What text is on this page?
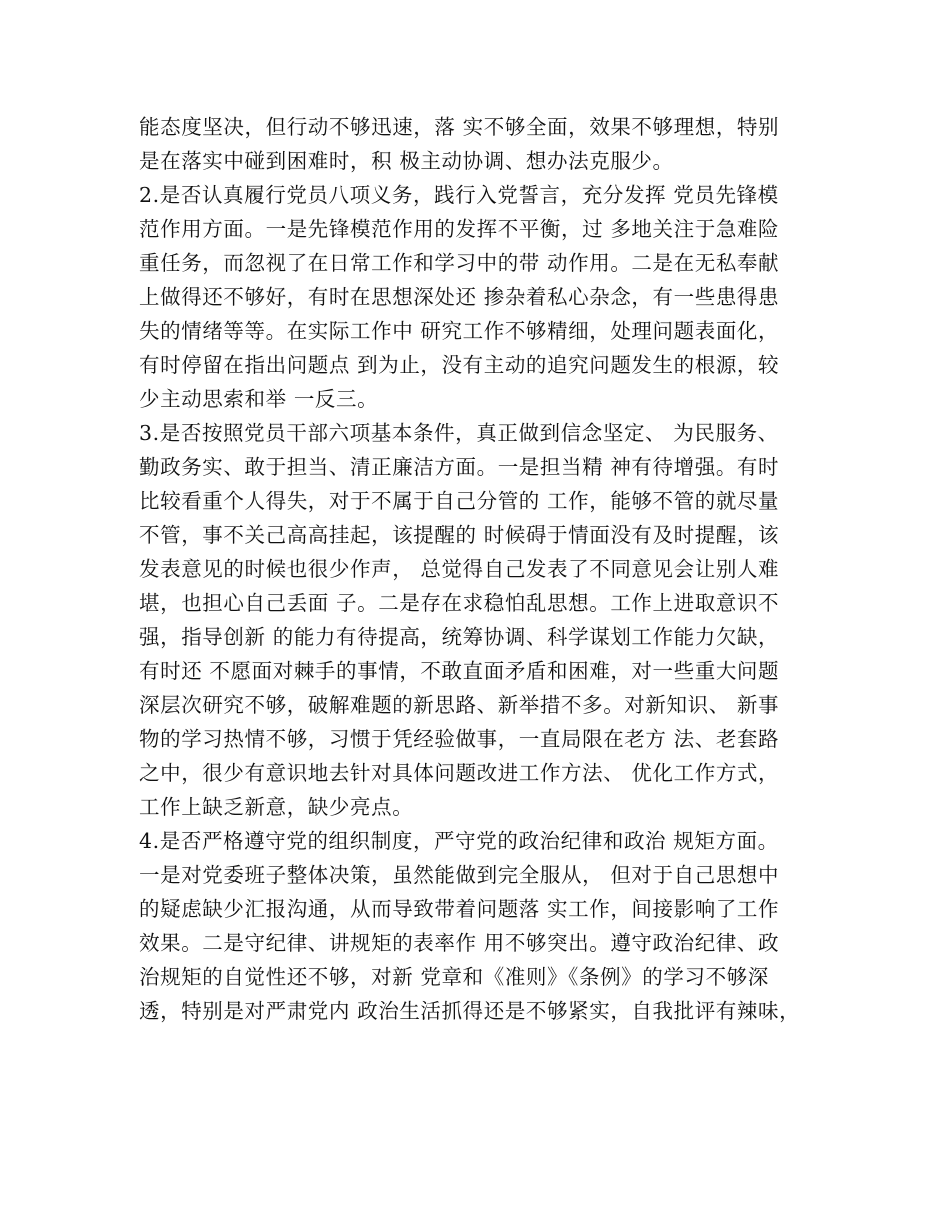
能态度坚决，但行动不够迅速，落 实不够全面，效果不够理想，特别
是在落实中碰到困难时，积 极主动协调、想办法克服少。
2.是否认真履行党员八项义务，践行入党誓言，充分发挥 党员先锋模
范作用方面。一是先锋模范作用的发挥不平衡，过 多地关注于急难险
重任务，而忽视了在日常工作和学习中的带 动作用。二是在无私奉献
上做得还不够好，有时在思想深处还 掺杂着私心杂念，有一些患得患
失的情绪等等。在实际工作中 研究工作不够精细，处理问题表面化，
有时停留在指出问题点 到为止，没有主动的追究问题发生的根源，较
少主动思索和举 一反三。
3.是否按照党员干部六项基本条件，真正做到信念坚定、 为民服务、
勤政务实、敢于担当、清正廉洁方面。一是担当精 神有待增强。有时
比较看重个人得失，对于不属于自己分管的 工作，能够不管的就尽量
不管，事不关己高高挂起，该提醒的 时候碍于情面没有及时提醒，该
发表意见的时候也很少作声， 总觉得自己发表了不同意见会让别人难
堪，也担心自己丢面 子。二是存在求稳怕乱思想。工作上进取意识不
强，指导创新 的能力有待提高，统筹协调、科学谋划工作能力欠缺，
有时还 不愿面对棘手的事情，不敢直面矛盾和困难，对一些重大问题
深层次研究不够，破解难题的新思路、新举措不多。对新知识、 新事
物的学习热情不够，习惯于凭经验做事，一直局限在老方 法、老套路
之中，很少有意识地去针对具体问题改进工作方法、 优化工作方式，
工作上缺乏新意，缺少亮点。
4.是否严格遵守党的组织制度，严守党的政治纪律和政治 规矩方面。
一是对党委班子整体决策，虽然能做到完全服从， 但对于自己思想中
的疑虑缺少汇报沟通，从而导致带着问题落 实工作，间接影响了工作
效果。二是守纪律、讲规矩的表率作 用不够突出。遵守政治纪律、政
治规矩的自觉性还不够，对新 党章和《准则》《条例》的学习不够深
透，特别是对严肃党内 政治生活抓得还是不够紧实，自我批评有辣味，
